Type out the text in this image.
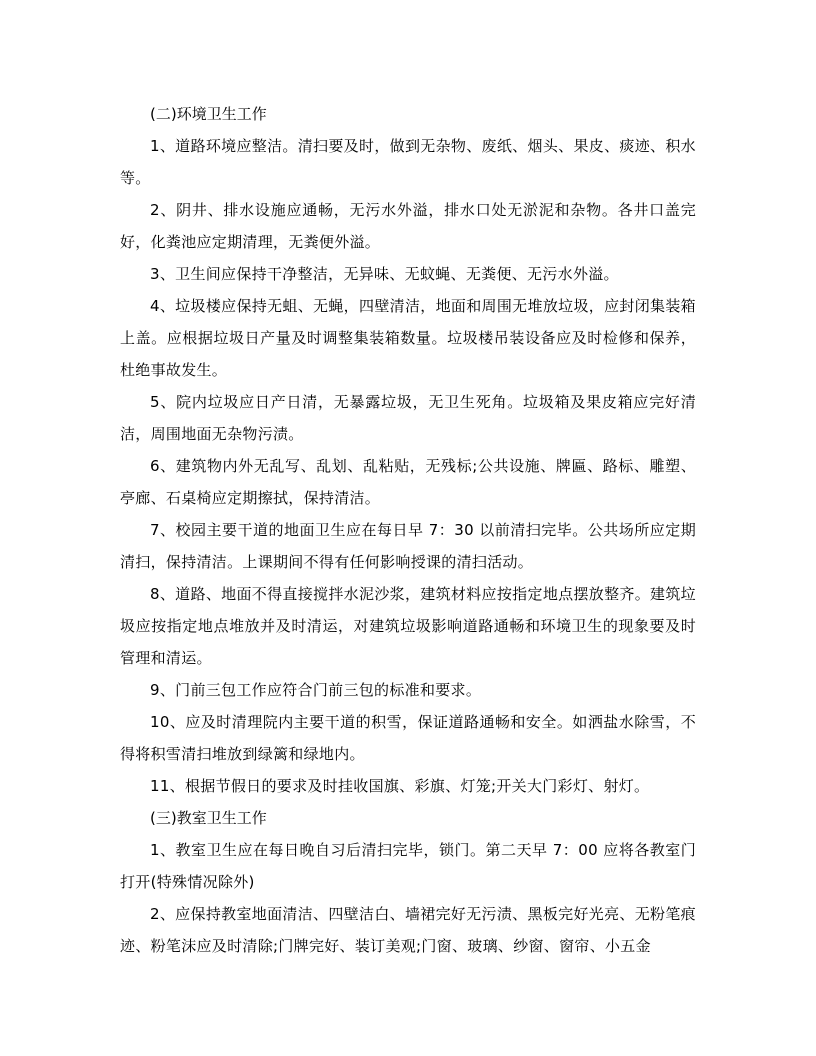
(二)环境卫生工作

1、道路环境应整洁。清扫要及时，做到无杂物、废纸、烟头、果皮、痰迹、积水等。

2、阴井、排水设施应通畅，无污水外溢，排水口处无淤泥和杂物。各井口盖完好，化粪池应定期清理，无粪便外溢。

3、卫生间应保持干净整洁，无异味、无蚊蝇、无粪便、无污水外溢。

4、垃圾楼应保持无蛆、无蝇，四壁清洁，地面和周围无堆放垃圾，应封闭集装箱上盖。应根据垃圾日产量及时调整集装箱数量。垃圾楼吊装设备应及时检修和保养，杜绝事故发生。

5、院内垃圾应日产日清，无暴露垃圾，无卫生死角。垃圾箱及果皮箱应完好清洁，周围地面无杂物污渍。

6、建筑物内外无乱写、乱划、乱粘贴，无残标;公共设施、牌匾、路标、雕塑、亭廊、石桌椅应定期擦拭，保持清洁。

7、校园主要干道的地面卫生应在每日早 7：30 以前清扫完毕。公共场所应定期清扫，保持清洁。上课期间不得有任何影响授课的清扫活动。

8、道路、地面不得直接搅拌水泥沙浆，建筑材料应按指定地点摆放整齐。建筑垃圾应按指定地点堆放并及时清运，对建筑垃圾影响道路通畅和环境卫生的现象要及时管理和清运。

9、门前三包工作应符合门前三包的标准和要求。

10、应及时清理院内主要干道的积雪，保证道路通畅和安全。如洒盐水除雪，不得将积雪清扫堆放到绿篱和绿地内。

11、根据节假日的要求及时挂收国旗、彩旗、灯笼;开关大门彩灯、射灯。

(三)教室卫生工作

1、教室卫生应在每日晚自习后清扫完毕，锁门。第二天早 7：00 应将各教室门打开(特殊情况除外)

2、应保持教室地面清洁、四壁洁白、墙裙完好无污渍、黑板完好光亮、无粉笔痕迹、粉笔沫应及时清除;门牌完好、装订美观;门窗、玻璃、纱窗、窗帘、小五金
